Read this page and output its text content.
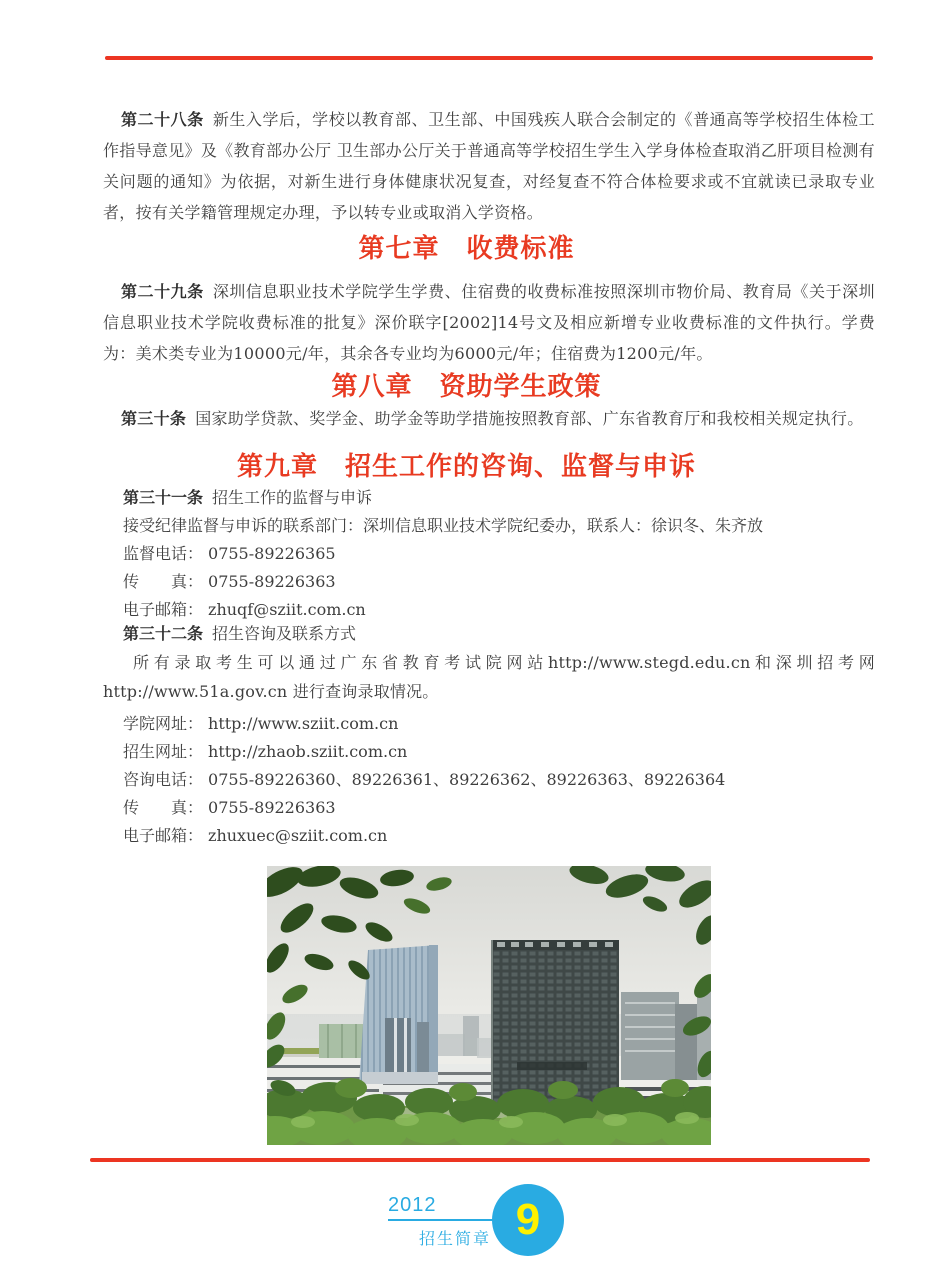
第二十八条 新生入学后，学校以教育部、卫生部、中国残疾人联合会制定的《普通高等学校招生体检工作指导意见》及《教育部办公厅 卫生部办公厅关于普通高等学校招生学生入学身体检查取消乙肝项目检测有关问题的通知》为依据，对新生进行身体健康状况复查，对经复查不符合体检要求或不宜就读已录取专业者，按有关学籍管理规定办理，予以转专业或取消入学资格。

第七章　收费标准

第二十九条 深圳信息职业技术学院学生学费、住宿费的收费标准按照深圳市物价局、教育局《关于深圳信息职业技术学院收费标准的批复》深价联字[2002]14号文及相应新增专业收费标准的文件执行。学费为：美术类专业为10000元/年，其余各专业均为6000元/年；住宿费为1200元/年。

第八章　资助学生政策

第三十条 国家助学贷款、奖学金、助学金等助学措施按照教育部、广东省教育厅和我校相关规定执行。

第九章　招生工作的咨询、监督与申诉
第三十一条 招生工作的监督与申诉
接受纪律监督与申诉的联系部门：深圳信息职业技术学院纪委办，联系人：徐识冬、朱齐放
监督电话： 0755-89226365
传　　真： 0755-89226363
电子邮箱： zhuqf@sziit.com.cn

第三十二条 招生咨询及联系方式

所有录取考生可以通过广东省教育考试院网站http://www.stegd.edu.cn和深圳招考网http://www.51a.gov.cn 进行查询录取情况。

学院网址： http://www.sziit.com.cn
招生网址： http://zhaob.sziit.com.cn
咨询电话： 0755-89226360、89226361、89226362、89226363、89226364
传　　真： 0755-89226363
电子邮箱： zhuxuec@sziit.com.cn
2012
招生简章 9
